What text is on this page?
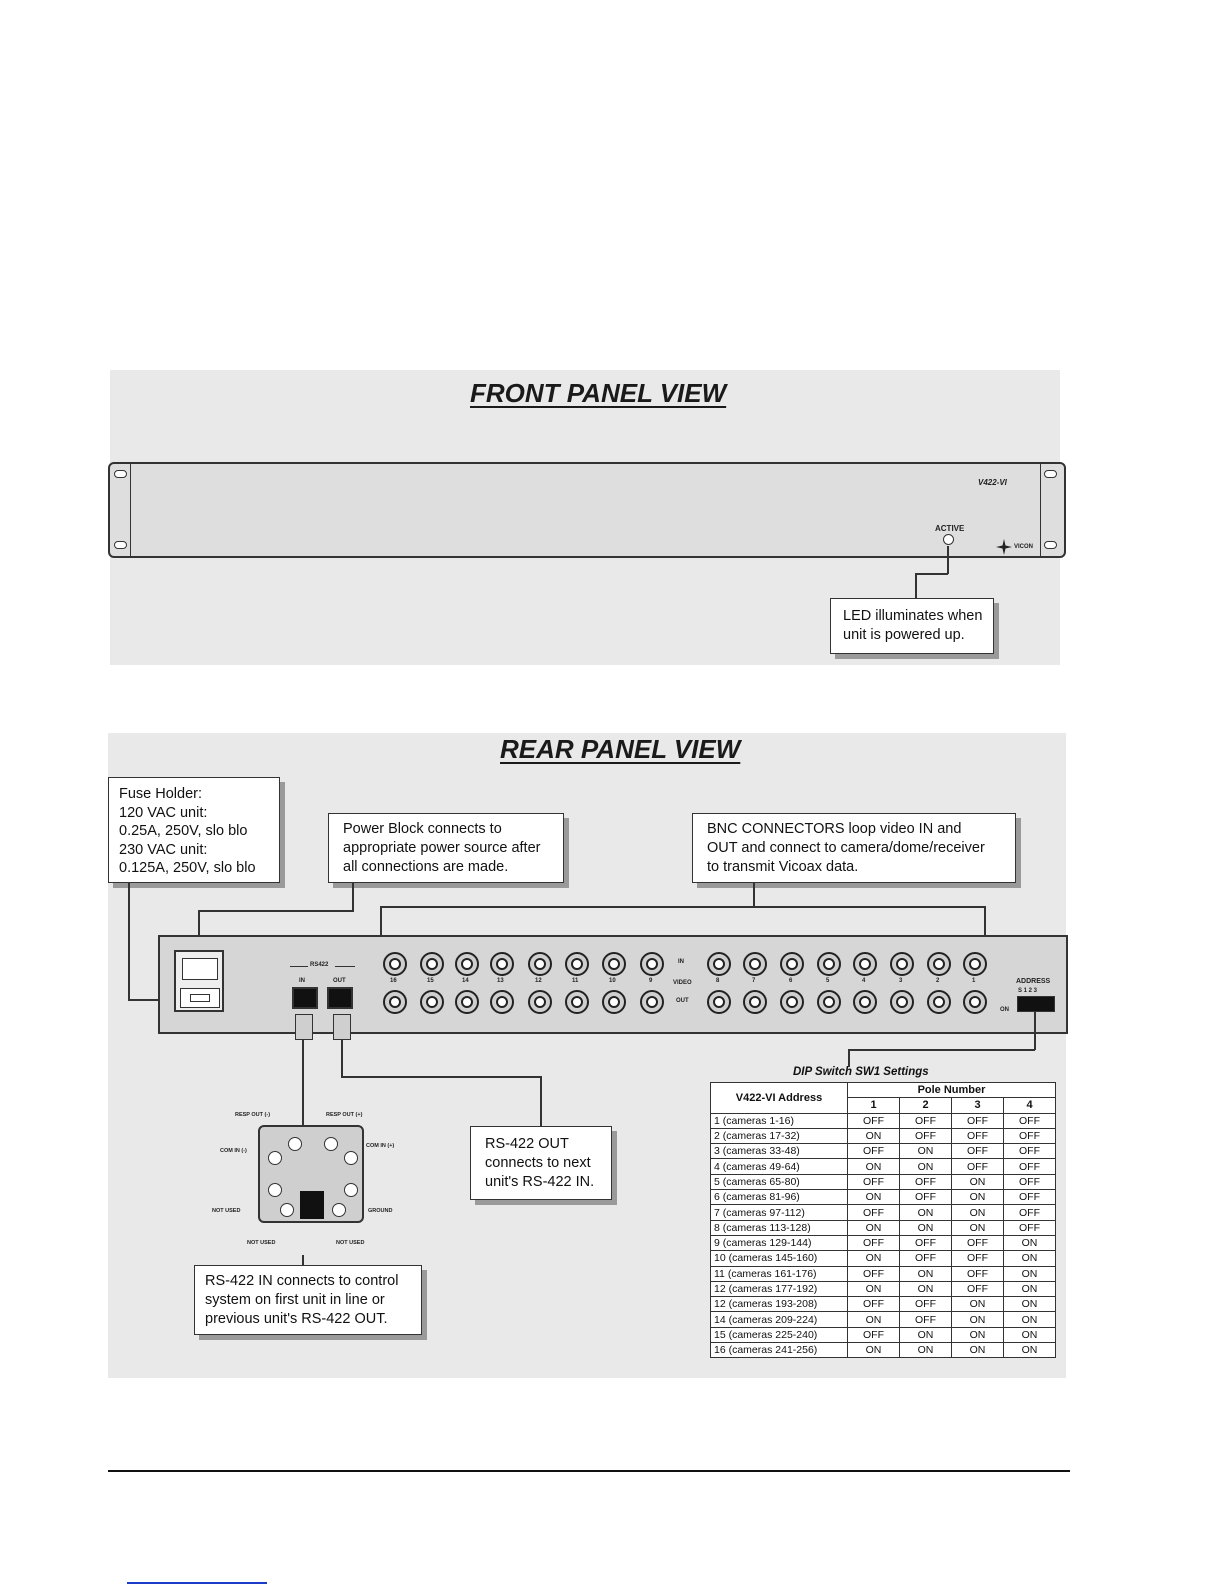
FRONT PANEL VIEW
V422-VI
ACTIVE
VICON
LED illuminates when
unit is powered up.
REAR PANEL VIEW
Fuse Holder:
120 VAC unit:
0.25A, 250V, slo blo
230 VAC unit:
0.125A, 250V, slo blo
Power Block connects to
appropriate power source after
all connections are made.
BNC CONNECTORS loop video IN and
OUT and connect to camera/dome/receiver
to transmit Vicoax data.
RS422
IN	OUT
IN
VIDEO
OUT
16	15	14	13	12	11	10	9	8	7	6	5	4	3	2	1	ADDRESS
S 1 2 3
ON
RESP OUT (-)	RESP OUT (+)
COM IN (-)
COM IN (+)
NOT USED	GROUND
NOT USED	NOT USED
RS-422 OUT
connects to next
unit's RS-422 IN.
RS-422 IN connects to control
system on first unit in line or
previous unit's RS-422 OUT.
DIP Switch SW1 Settings
V422-VI Address	Pole Number			
	1	2	3	4
1 (cameras 1-16)	OFF	OFF	OFF	OFF
2 (cameras 17-32)	ON	OFF	OFF	OFF
3 (cameras 33-48)	OFF	ON	OFF	OFF
4 (cameras 49-64)	ON	ON	OFF	OFF
5 (cameras 65-80)	OFF	OFF	ON	OFF
6 (cameras 81-96)	ON	OFF	ON	OFF
7 (cameras 97-112)	OFF	ON	ON	OFF
8 (cameras 113-128)	ON	ON	ON	OFF
9 (cameras 129-144)	OFF	OFF	OFF	ON
10 (cameras 145-160)	ON	OFF	OFF	ON
11 (cameras 161-176)	OFF	ON	OFF	ON
12 (cameras 177-192)	ON	ON	OFF	ON
12 (cameras 193-208)	OFF	OFF	ON	ON
14 (cameras 209-224)	ON	OFF	ON	ON
15 (cameras 225-240)	OFF	ON	ON	ON
16 (cameras 241-256)	ON	ON	ON	ON
